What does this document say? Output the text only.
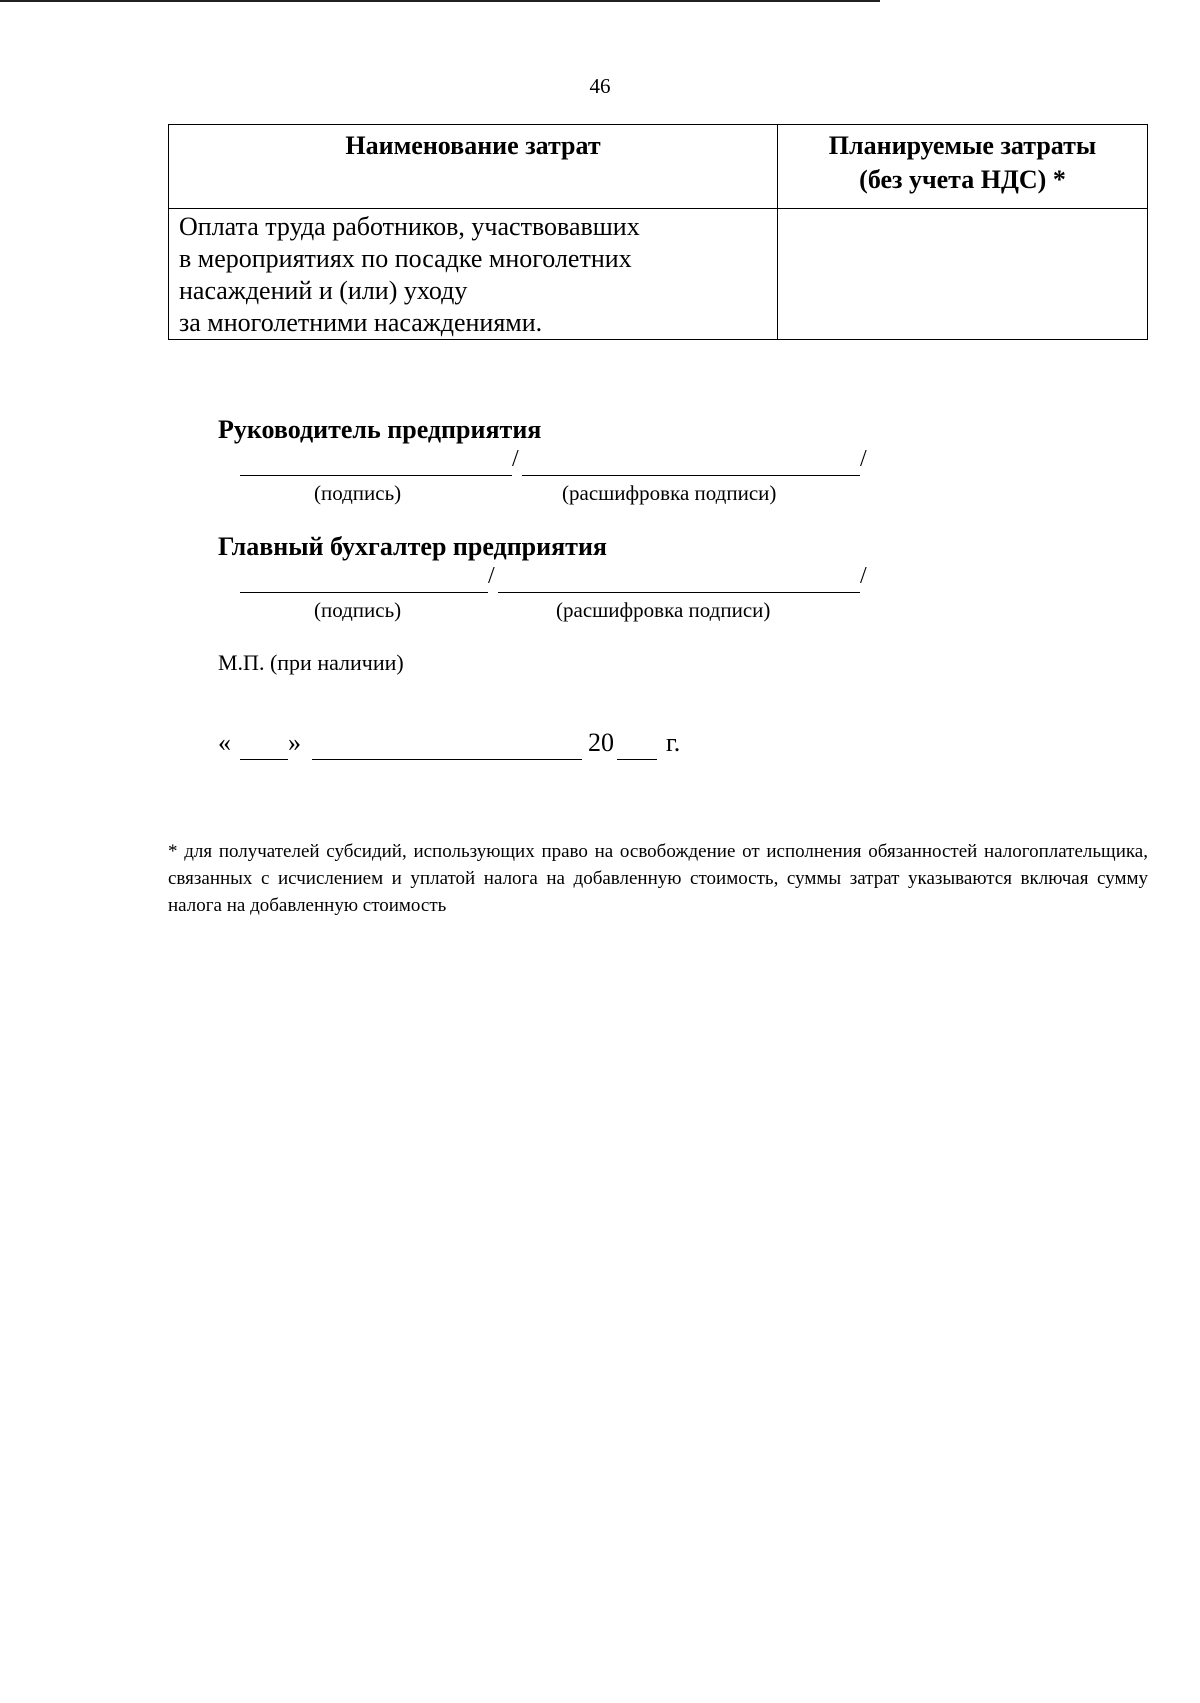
46
Наименование затрат	Планируемые затраты
(без учета НДС) *

Оплата труда работников, участвовавших
в мероприятиях по посадке многолетних
насаждений и (или) уходу
за многолетними насаждениями.	

Руководитель предприятия
/	/
(подпись)	(расшифровка подписи)
Главный бухгалтер предприятия
/	/
(подпись)	(расшифровка подписи)
М.П. (при наличии)
« »	20 г.
* для получателей субсидий, использующих право на освобождение от исполнения обязанностей налогоплательщика, связанных с исчислением и уплатой налога на добавленную стоимость, суммы затрат указываются включая сумму налога на добавленную стоимость
